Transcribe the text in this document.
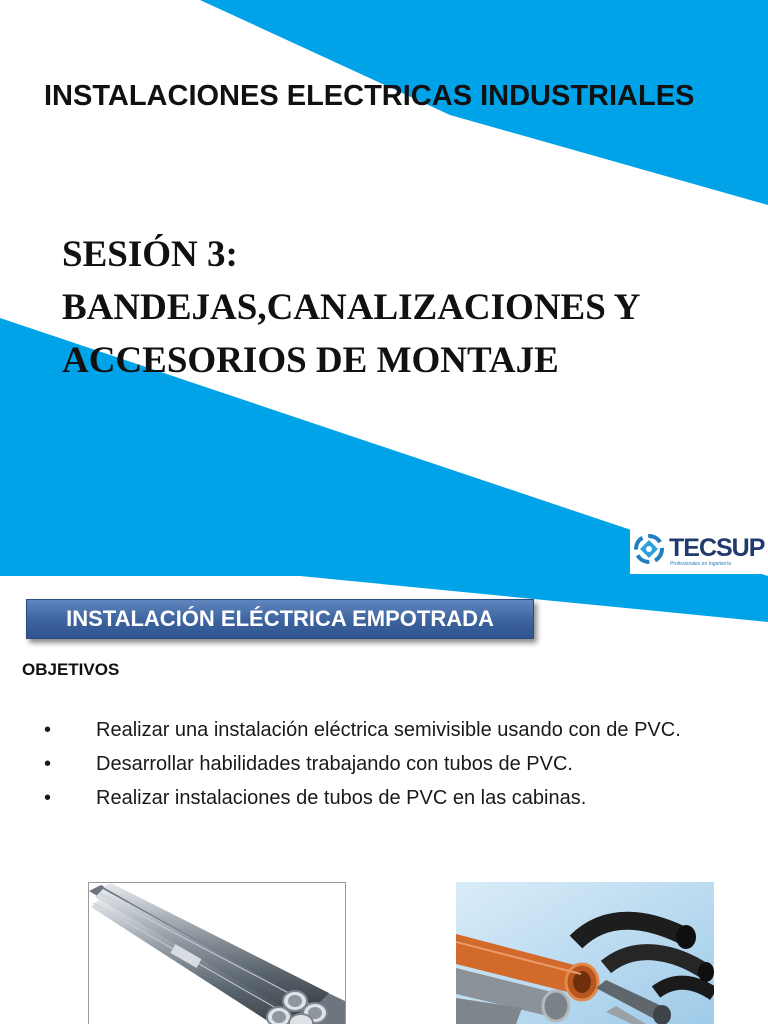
INSTALACIONES ELECTRICAS INDUSTRIALES
SESIÓN 3:
BANDEJAS,CANALIZACIONES Y
ACCESORIOS DE MONTAJE
TECSUP
Profesionales en Ingeniería
INSTALACIÓN ELÉCTRICA EMPOTRADA
OBJETIVOS
• Realizar una instalación eléctrica semivisible usando con de PVC.
• Desarrollar habilidades trabajando con tubos de PVC.
• Realizar instalaciones de tubos de PVC en las cabinas.
